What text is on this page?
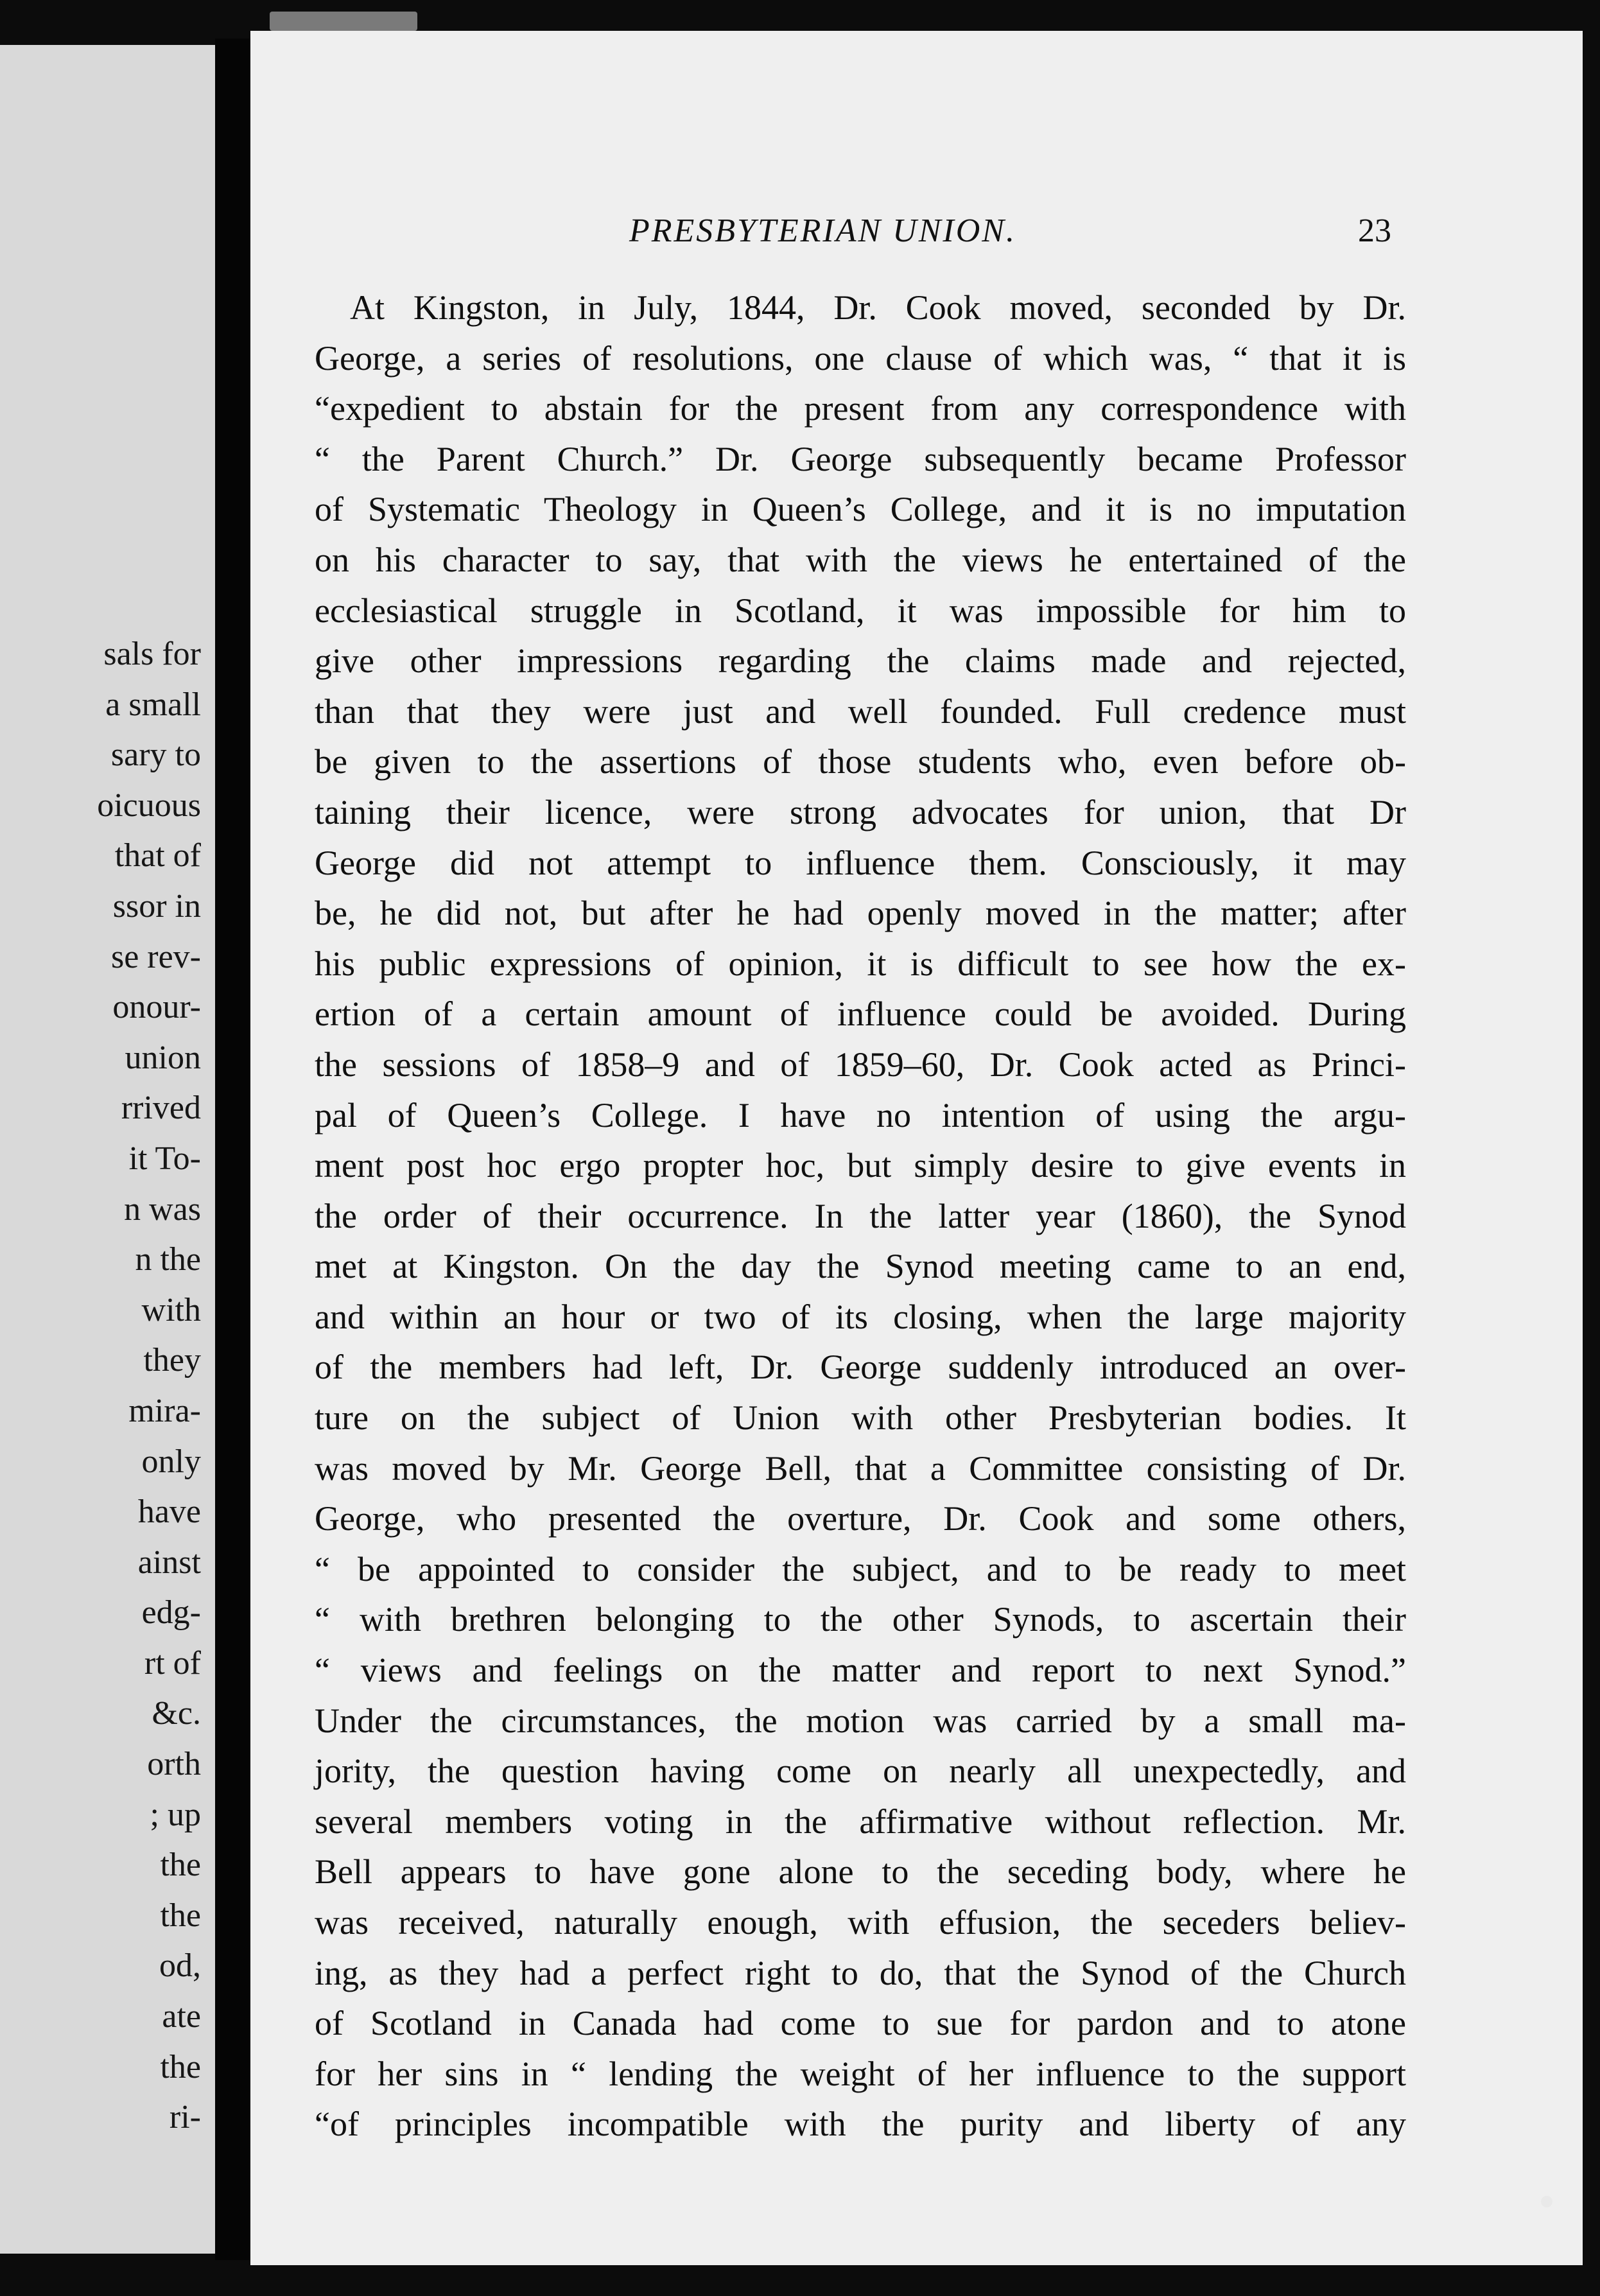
sals for
a small
sary to
oicuous
that of
ssor in
se rev-
onour-
union
rrived
it To-
n was
n the
with
they
mira-
only
have
ainst
edg-
rt of
&c.
orth
; up
the
the
od,
ate
the
ri-
PRESBYTERIAN UNION.	23
At Kingston, in July, 1844, Dr. Cook moved, seconded by Dr.
George, a series of resolutions, one clause of which was, “ that it is
“expedient to abstain for the present from any correspondence with
“ the Parent Church.” Dr. George subsequently became Professor
of Systematic Theology in Queen’s College, and it is no imputation
on his character to say, that with the views he entertained of the
ecclesiastical struggle in Scotland, it was impossible for him to
give other impressions regarding the claims made and rejected,
than that they were just and well founded. Full credence must
be given to the assertions of those students who, even before ob-
taining their licence, were strong advocates for union, that Dr
George did not attempt to influence them. Consciously, it may
be, he did not, but after he had openly moved in the matter; after
his public expressions of opinion, it is difficult to see how the ex-
ertion of a certain amount of influence could be avoided. During
the sessions of 1858–9 and of 1859–60, Dr. Cook acted as Princi-
pal of Queen’s College. I have no intention of using the argu-
ment post hoc ergo propter hoc, but simply desire to give events in
the order of their occurrence. In the latter year (1860), the Synod
met at Kingston. On the day the Synod meeting came to an end,
and within an hour or two of its closing, when the large majority
of the members had left, Dr. George suddenly introduced an over-
ture on the subject of Union with other Presbyterian bodies. It
was moved by Mr. George Bell, that a Committee consisting of Dr.
George, who presented the overture, Dr. Cook and some others,
“ be appointed to consider the subject, and to be ready to meet
“ with brethren belonging to the other Synods, to ascertain their
“ views and feelings on the matter and report to next Synod.”
Under the circumstances, the motion was carried by a small ma-
jority, the question having come on nearly all unexpectedly, and
several members voting in the affirmative without reflection. Mr.
Bell appears to have gone alone to the seceding body, where he
was received, naturally enough, with effusion, the seceders believ-
ing, as they had a perfect right to do, that the Synod of the Church
of Scotland in Canada had come to sue for pardon and to atone
for her sins in “ lending the weight of her influence to the support
“of principles incompatible with the purity and liberty of any
